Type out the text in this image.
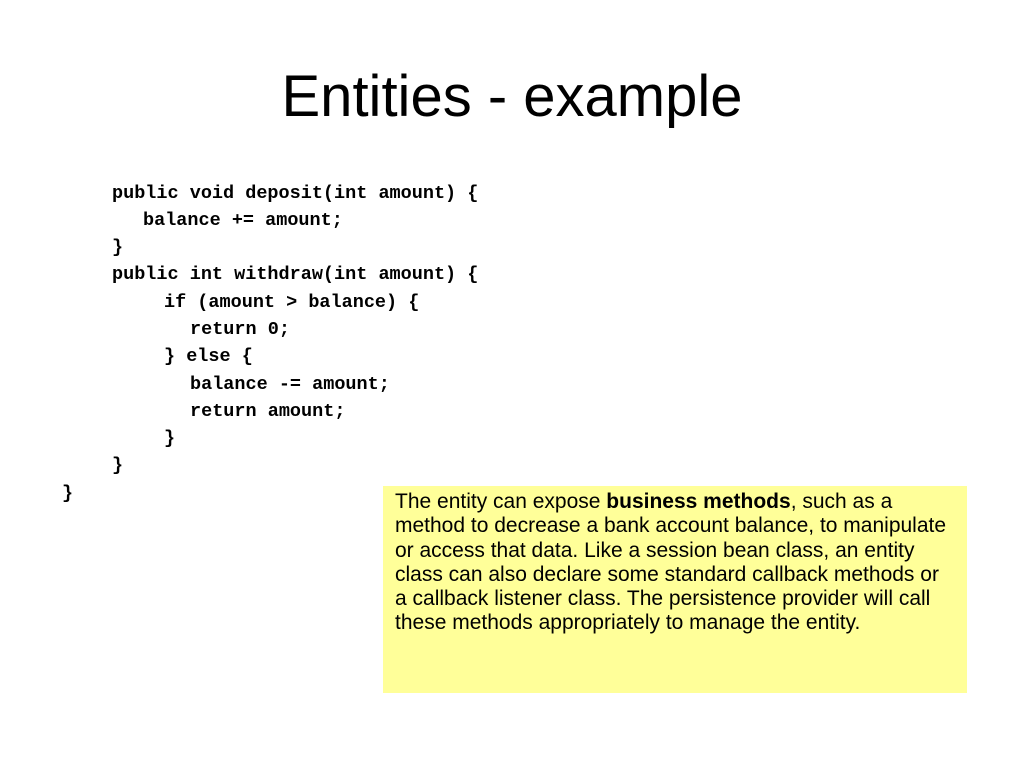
Entities - example
public void deposit(int amount) {
balance += amount;
}
public int withdraw(int amount) {
if (amount > balance) {
return 0;
} else {
balance -= amount;
return amount;
}
}
}	The entity can expose business methods, such as a method to decrease a bank account balance, to manipulate or access that data. Like a session bean class, an entity class can also declare some standard callback methods or a callback listener class. The persistence provider will call these methods appropriately to manage the entity.
